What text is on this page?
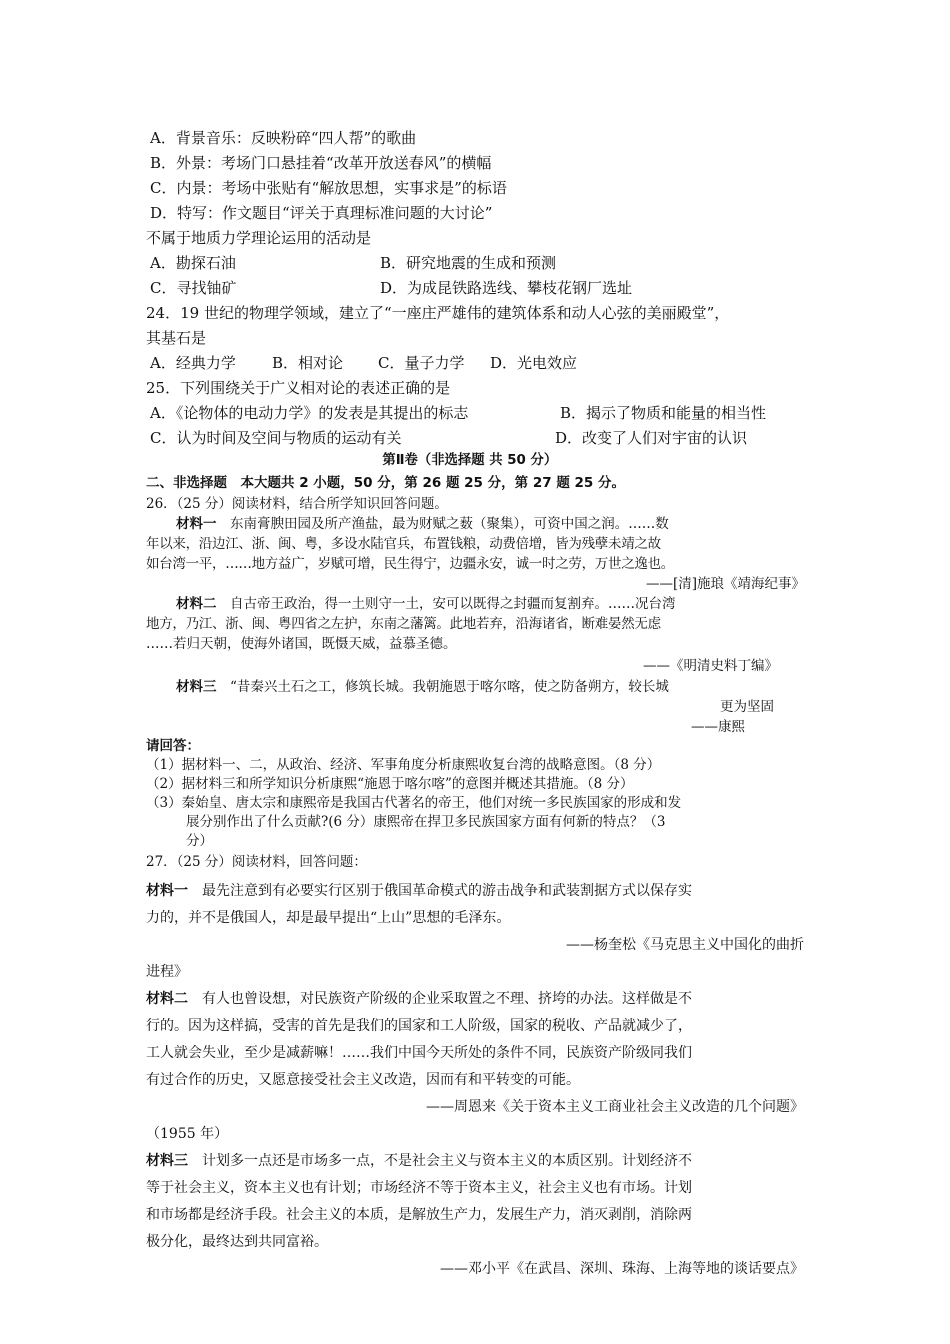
A．背景音乐：反映粉碎“四人帮”的歌曲
B．外景：考场门口悬挂着“改革开放送春风”的横幅
C．内景：考场中张贴有“解放思想，实事求是”的标语
D．特写：作文题目“评关于真理标准问题的大讨论”
不属于地质力学理论运用的活动是
A．勘探石油	B．研究地震的生成和预测
C．寻找铀矿	D．为成昆铁路选线、攀枝花钢厂选址
24．19 世纪的物理学领域，建立了“一座庄严雄伟的建筑体系和动人心弦的美丽殿堂”，
其基石是
A．经典力学 B．相对论 C．量子力学 D．光电效应
25．下列围绕关于广义相对论的表述正确的是
A．《论物体的电动力学》的发表是其提出的标志	B．揭示了物质和能量的相当性
C．认为时间及空间与物质的运动有关	D．改变了人们对宇宙的认识
第Ⅱ卷（非选择题 共 50 分）
二、非选择题　本大题共 2 小题，50 分，第 26 题 25 分，第 27 题 25 分。
26．（25 分）阅读材料，结合所学知识回答问题。
材料一　东南膏腴田园及所产渔盐，最为财赋之薮（聚集），可资中国之润。……数
年以来，沿边江、浙、闽、粤，多设水陆官兵，布置钱粮，动费倍增，皆为残孽未靖之故
如台湾一平，……地方益广，岁赋可增，民生得宁，边疆永安，诚一时之劳，万世之逸也。
——[清]施琅《靖海纪事》
材料二　自古帝王政治，得一土则守一土，安可以既得之封疆而复割弃。……况台湾
地方，乃江、浙、闽、粤四省之左护，东南之藩篱。此地若弃，沿海诸省，断难晏然无虑
……若归天朝，使海外诸国，既慑天威，益慕圣德。
——《明清史料丁编》
材料三　“昔秦兴土石之工，修筑长城。我朝施恩于喀尔喀，使之防备朔方，较长城
更为坚固
——康熙
请回答：
（1）据材料一、二，从政治、经济、军事角度分析康熙收复台湾的战略意图。（8 分）
（2）据材料三和所学知识分析康熙“施恩于喀尔喀”的意图并概述其措施。（8 分）
（3）秦始皇、唐太宗和康熙帝是我国古代著名的帝王，他们对统一多民族国家的形成和发
展分别作出了什么贡献?(6 分）康熙帝在捍卫多民族国家方面有何新的特点？（3
分）
27．（25 分）阅读材料，回答问题：
材料一　最先注意到有必要实行区别于俄国革命模式的游击战争和武装割据方式以保存实
力的，并不是俄国人，却是最早提出“上山”思想的毛泽东。
——杨奎松《马克思主义中国化的曲折
进程》
材料二　有人也曾设想，对民族资产阶级的企业采取置之不理、挤垮的办法。这样做是不
行的。因为这样搞，受害的首先是我们的国家和工人阶级，国家的税收、产品就减少了，
工人就会失业，至少是减薪嘛！……我们中国今天所处的条件不同，民族资产阶级同我们
有过合作的历史，又愿意接受社会主义改造，因而有和平转变的可能。
——周恩来《关于资本主义工商业社会主义改造的几个问题》
（1955 年）
材料三　计划多一点还是市场多一点，不是社会主义与资本主义的本质区别。计划经济不
等于社会主义，资本主义也有计划；市场经济不等于资本主义，社会主义也有市场。计划
和市场都是经济手段。社会主义的本质，是解放生产力，发展生产力，消灭剥削，消除两
极分化，最终达到共同富裕。
——邓小平《在武昌、深圳、珠海、上海等地的谈话要点》
